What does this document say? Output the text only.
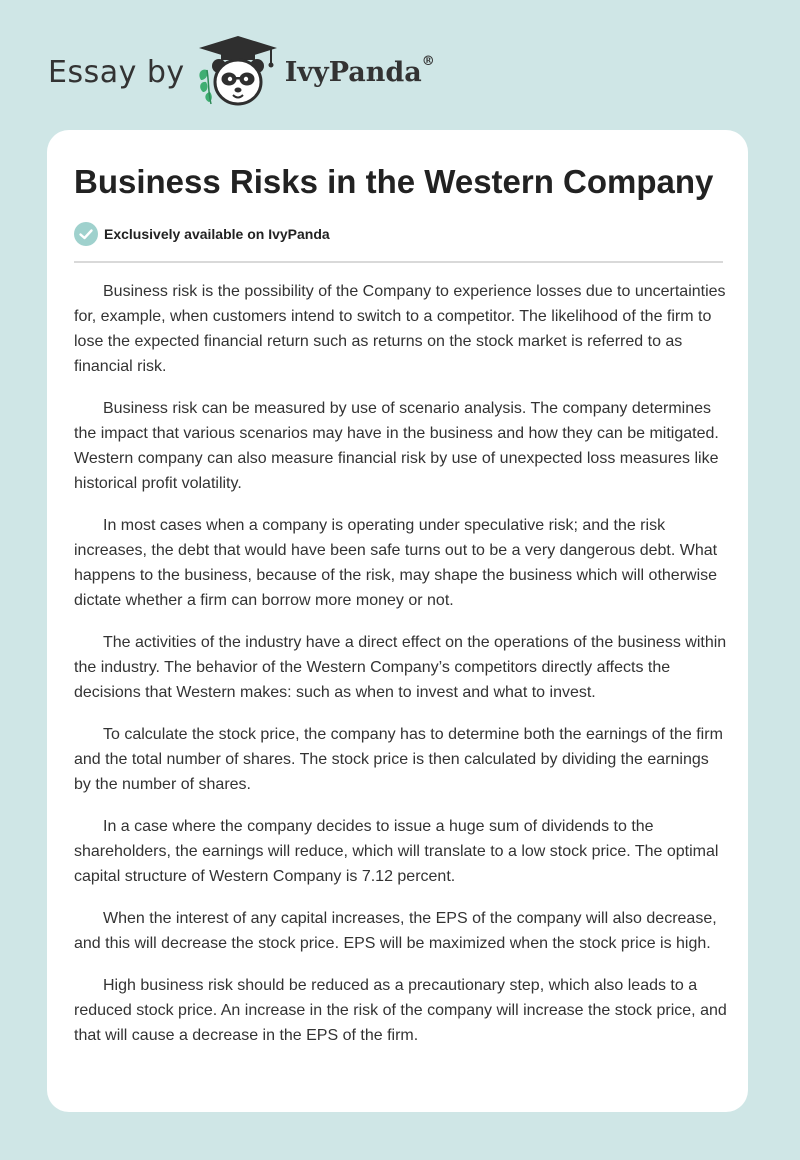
Essay by	IvyPanda®
Business Risks in the Western Company
Exclusively available on IvyPanda

Business risk is the possibility of the Company to experience losses due to uncertainties for, example, when customers intend to switch to a competitor. The likelihood of the firm to lose the expected financial return such as returns on the stock market is referred to as financial risk.

Business risk can be measured by use of scenario analysis. The company determines the impact that various scenarios may have in the business and how they can be mitigated. Western company can also measure financial risk by use of unexpected loss measures like historical profit volatility.

In most cases when a company is operating under speculative risk; and the risk increases, the debt that would have been safe turns out to be a very dangerous debt. What happens to the business, because of the risk, may shape the business which will otherwise dictate whether a firm can borrow more money or not.

The activities of the industry have a direct effect on the operations of the business within the industry. The behavior of the Western Company’s competitors directly affects the decisions that Western makes: such as when to invest and what to invest.

To calculate the stock price, the company has to determine both the earnings of the firm and the total number of shares. The stock price is then calculated by dividing the earnings by the number of shares.

In a case where the company decides to issue a huge sum of dividends to the shareholders, the earnings will reduce, which will translate to a low stock price. The optimal capital structure of Western Company is 7.12 percent.

When the interest of any capital increases, the EPS of the company will also decrease, and this will decrease the stock price. EPS will be maximized when the stock price is high.

High business risk should be reduced as a precautionary step, which also leads to a reduced stock price. An increase in the risk of the company will increase the stock price, and that will cause a decrease in the EPS of the firm.
